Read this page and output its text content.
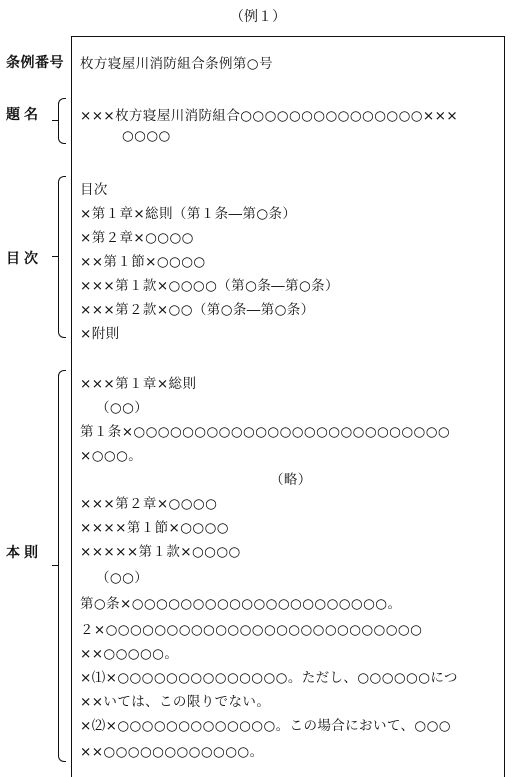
（例１）
条例番号 枚方寝屋川消防組合条例第○号
題名	×××枚方寝屋川消防組合○○○○○○○○○○○○○○○×××
○○○○
目次
目次
×第１章×総則（第１条―第○条）
×第２章×○○○○
××第１節×○○○○
×××第１款×○○○○（第○条―第○条）
×××第２款×○○（第○条―第○条）
×附則
本則
×××第１章×総則
（○○）
第１条×○○○○○○○○○○○○○○○○○○○○○○○○○○
×○○○。
（略）
×××第２章×○○○○
××××第１節×○○○○
×××××第１款×○○○○
（○○）
第○条×○○○○○○○○○○○○○○○○○○○○○。
２×○○○○○○○○○○○○○○○○○○○○○○○○○○
××○○○○○。
×⑴×○○○○○○○○○○○○○○。ただし、○○○○○○につ
××いては、この限りでない。
×⑵×○○○○○○○○○○○○○。この場合において、○○○
××○○○○○○○○○○○○。
